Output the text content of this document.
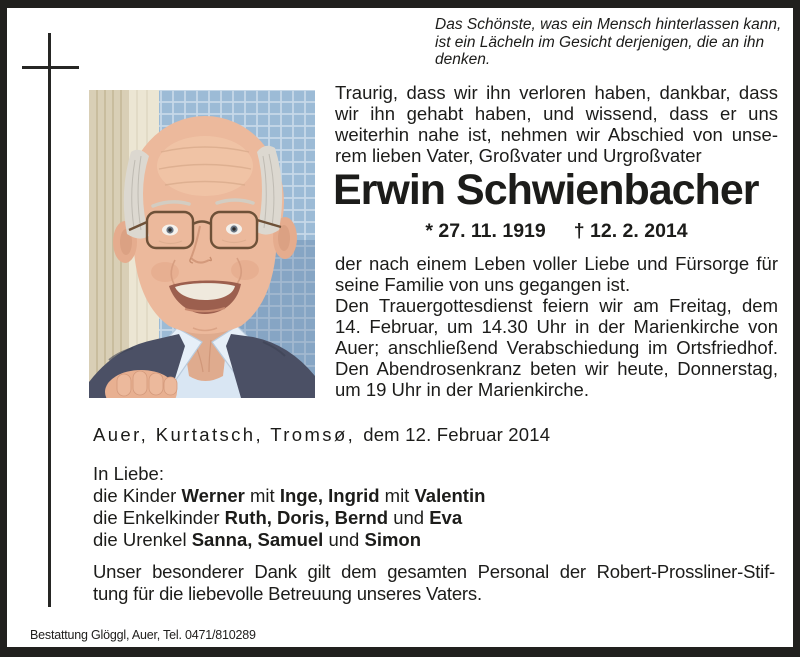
Das Schönste, was ein Mensch hinterlassen kann,
ist ein Lächeln im Gesicht derjenigen, die an ihn
denken.
Traurig, dass wir ihn verloren haben, dankbar, dass
wir ihn gehabt haben, und wissend, dass er uns
weiterhin nahe ist, nehmen wir Abschied von unse-
rem lieben Vater, Großvater und Urgroßvater
Erwin Schwienbacher
* 27. 11. 1919 † 12. 2. 2014
der nach einem Leben voller Liebe und Fürsorge für
seine Familie von uns gegangen ist.
Den Trauergottesdienst feiern wir am Freitag, dem
14. Februar, um 14.30 Uhr in der Marienkirche von
Auer; anschließend Verabschiedung im Ortsfriedhof.
Den Abendrosenkranz beten wir heute, Donnerstag,
um 19 Uhr in der Marienkirche.
Auer, Kurtatsch, Tromsø, dem 12. Februar 2014
In Liebe:
die Kinder Werner mit Inge, Ingrid mit Valentin
die Enkelkinder Ruth, Doris, Bernd und Eva
die Urenkel Sanna, Samuel und Simon
Unser besonderer Dank gilt dem gesamten Personal der Robert-Prossliner-Stif-
tung für die liebevolle Betreuung unseres Vaters.
Bestattung Glöggl, Auer, Tel. 0471/810289
